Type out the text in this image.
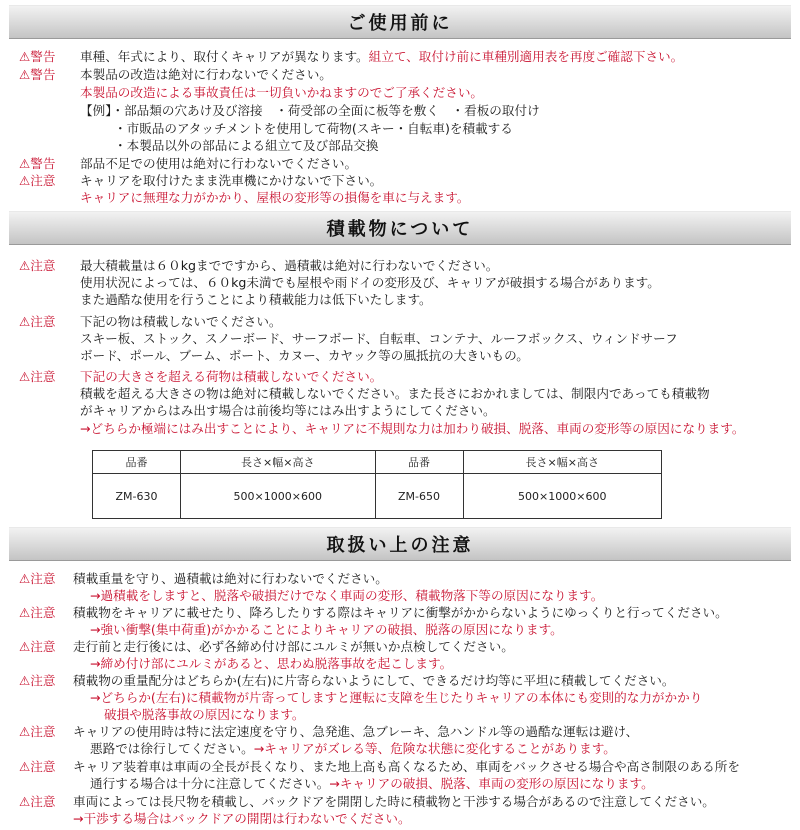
ご使用前に
⚠警告 車種、年式により、取付くキャリアが異なります。組立て、取付け前に車種別適用表を再度ご確認下さい。
⚠警告 本製品の改造は絶対に行わないでください。
本製品の改造による事故責任は一切負いかねますのでご了承ください。
【例】・部品類の穴あけ及び溶接　・荷受部の全面に板等を敷く　・看板の取付け
・市販品のアタッチメントを使用して荷物(スキー・自転車)を積載する
・本製品以外の部品による組立て及び部品交換
⚠警告 部品不足での使用は絶対に行わないでください。
⚠注意 キャリアを取付けたまま洗車機にかけないで下さい。
キャリアに無理な力がかかり、屋根の変形等の損傷を車に与えます。
積載物について
⚠注意 最大積載量は６０kgまでですから、過積載は絶対に行わないでください。
使用状況によっては、６０kg未満でも屋根や雨ドイの変形及び、キャリアが破損する場合があります。
また過酷な使用を行うことにより積載能力は低下いたします。
⚠注意 下記の物は積載しないでください。
スキー板、ストック、スノーボード、サーフボード、自転車、コンテナ、ルーフボックス、ウィンドサーフ
ボード、ポール、ブーム、ボート、カヌー、カヤック等の風抵抗の大きいもの。
⚠注意 下記の大きさを超える荷物は積載しないでください。
積載を超える大きさの物は絶対に積載しないでください。また長さにおかれましては、制限内であっても積載物
がキャリアからはみ出す場合は前後均等にはみ出すようにしてください。
→どちらか極端にはみ出すことにより、キャリアに不規則な力は加わり破損、脱落、車両の変形等の原因になります。
品番	長さ×幅×高さ	品番	長さ×幅×高さ
ZM-630	500×1000×600	ZM-650	500×1000×600
取扱い上の注意
⚠注意 積載重量を守り、過積載は絶対に行わないでください。
→過積載をしますと、脱落や破損だけでなく車両の変形、積載物落下等の原因になります。
⚠注意 積載物をキャリアに載せたり、降ろしたりする際はキャリアに衝撃がかからないようにゆっくりと行ってください。
→強い衝撃(集中荷重)がかかることによりキャリアの破損、脱落の原因になります。
⚠注意 走行前と走行後には、必ず各締め付け部にユルミが無いか点検してください。
→締め付け部にユルミがあると、思わぬ脱落事故を起こします。
⚠注意 積載物の重量配分はどちらか(左右)に片寄らないようにして、できるだけ均等に平坦に積載してください。
→どちらか(左右)に積載物が片寄ってしますと運転に支障を生じたりキャリアの本体にも変則的な力がかかり
破損や脱落事故の原因になります。
⚠注意 キャリアの使用時は特に法定速度を守り、急発進、急ブレーキ、急ハンドル等の過酷な運転は避け、
悪路では徐行してください。→キャリアがズレる等、危険な状態に変化することがあります。
⚠注意 キャリア装着車は車両の全長が長くなり、また地上高も高くなるため、車両をバックさせる場合や高さ制限のある所を
通行する場合は十分に注意してください。→キャリアの破損、脱落、車両の変形の原因になります。
⚠注意 車両によっては長尺物を積載し、バックドアを開閉した時に積載物と干渉する場合があるので注意してください。
→干渉する場合はバックドアの開閉は行わないでください。
